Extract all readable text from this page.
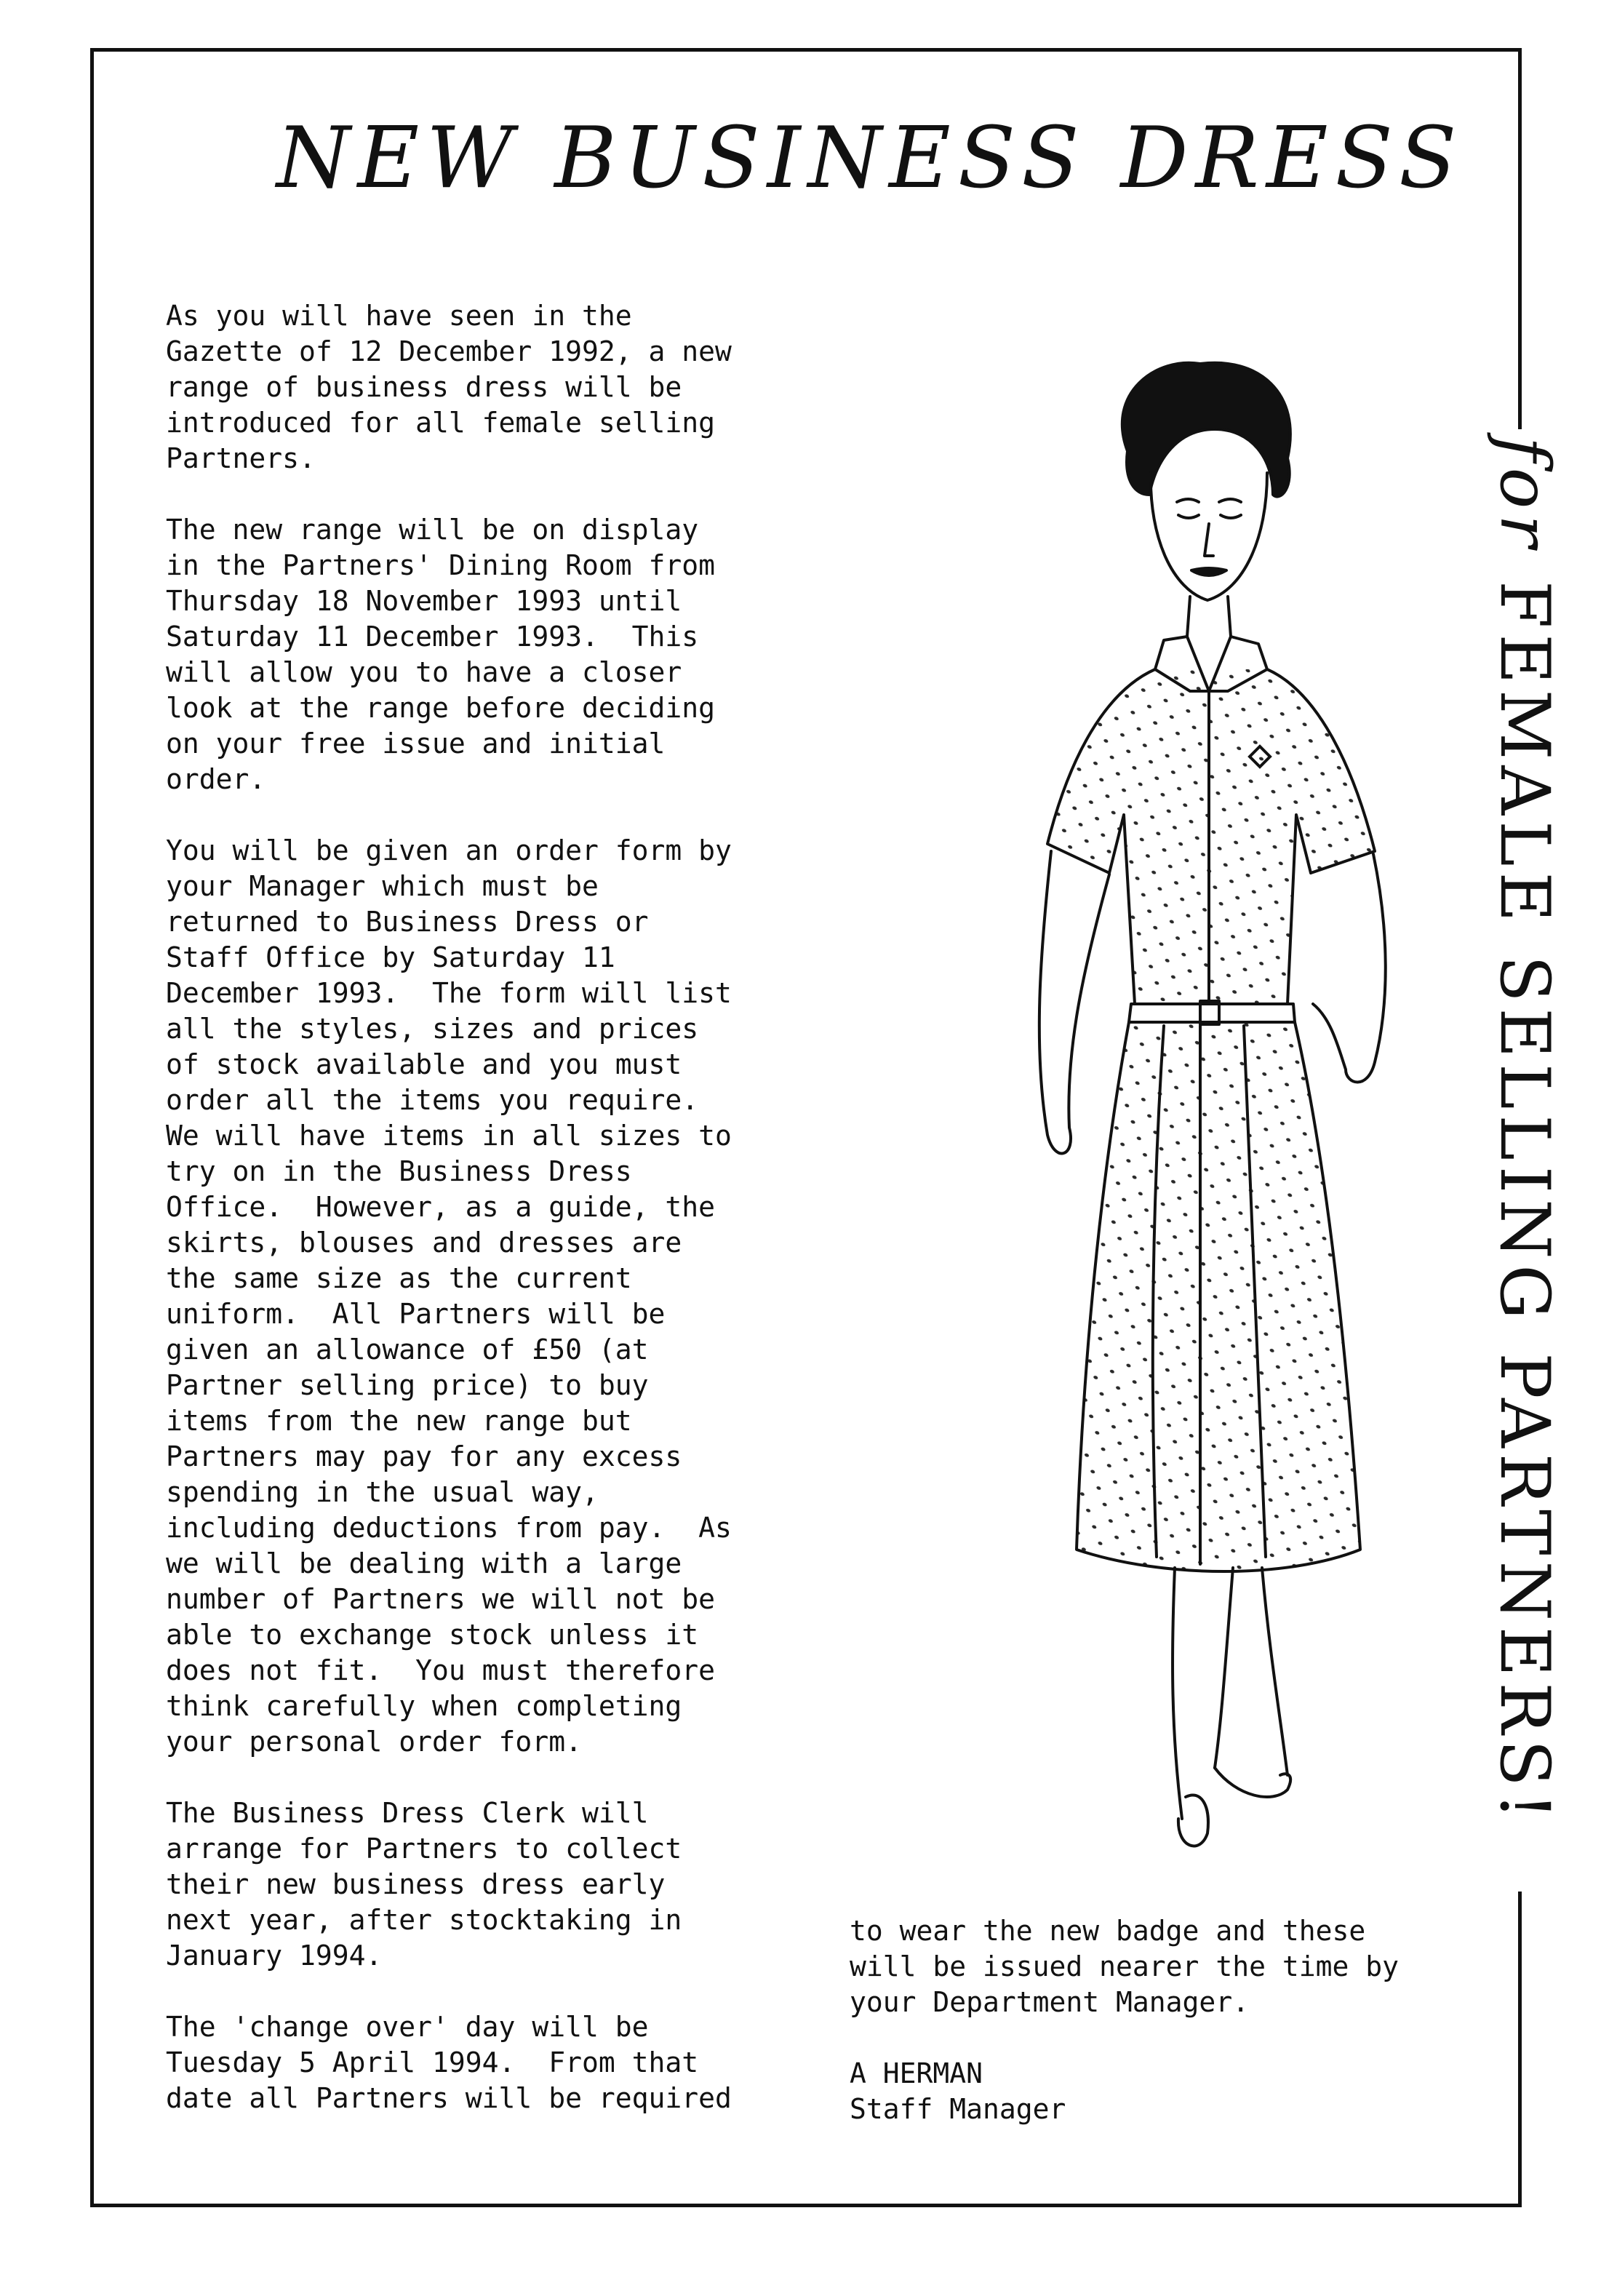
NEW BUSINESS DRESS

As you will have seen in the
Gazette of 12 December 1992, a new
range of business dress will be
introduced for all female selling
Partners.

The new range will be on display
in the Partners' Dining Room from
Thursday 18 November 1993 until
Saturday 11 December 1993.  This
will allow you to have a closer
look at the range before deciding
on your free issue and initial
order.

You will be given an order form by
your Manager which must be
returned to Business Dress or
Staff Office by Saturday 11
December 1993.  The form will list
all the styles, sizes and prices
of stock available and you must
order all the items you require.
We will have items in all sizes to
try on in the Business Dress
Office.  However, as a guide, the
skirts, blouses and dresses are
the same size as the current
uniform.  All Partners will be
given an allowance of £50 (at
Partner selling price) to buy
items from the new range but
Partners may pay for any excess
spending in the usual way,
including deductions from pay.  As
we will be dealing with a large
number of Partners we will not be
able to exchange stock unless it
does not fit.  You must therefore
think carefully when completing
your personal order form.

The Business Dress Clerk will
arrange for Partners to collect
their new business dress early
next year, after stocktaking in
January 1994.

The 'change over' day will be
Tuesday 5 April 1994.  From that
date all Partners will be required

to wear the new badge and these
will be issued nearer the time by
your Department Manager.

A HERMAN
Staff Manager
for FEMALE SELLING PARTNERS!
